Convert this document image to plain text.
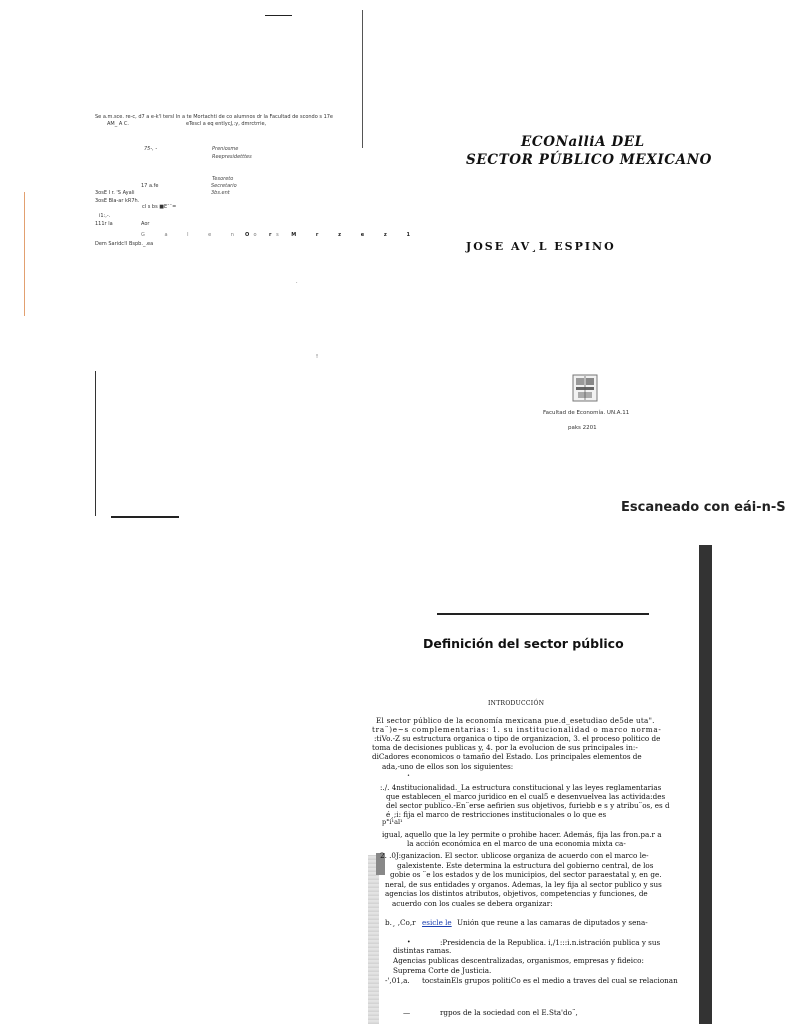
Se a.m.sce. re-c, d7 a e-k'l tersl In a te Mortachti de co alumnos dr la Facultad de scondo s 17e
AM_ A C.	eTescl a eq entlycJ,:y, dmrctrrie,
75-, -	Preniosme
Reepresidetttes
Tesoreto
17 a.fe	Secretario
3bs.ent
3osE I r. 'S Ayali
3osE Bla-ar kR7h.
cl s bs ■E¯¯=
i1:,-.
111r la	Aor
G a l e n o s
O r M r z e z 1
Dem Saridc!l Bspb._.ea
.
!
ECONalliA DEL
SECTOR PÚBLICO MEXICANO
JOSE AV¸L ESPINO
Facultad de Economía. UN.A.11
paks 2201
Escaneado con eái-n-S
Definición del sector público
INTRODUCCIÓN
El sector público de la economía mexicana pue.d_esetudiao de5de uta".
tra¨)e~s complementarias: 1. su institucionalidad o marco norma-
:tiVo.-Z su estructura organica o tipo de organizacion, 3. el proceso politico de
toma de decisiones publicas y, 4. por la evolucion de sus principales in:-
diCadores economicos o tamaño del Estado. Los principales elementos de
ada,-uno de ellos son los siguientes:
•
:./. 4nstitucionalidad._La estructura constitucional y las leyes reglamentarias
que establecen_el marco juridico en el cual5 e desenvuelvea las activida:des
del sector publico.-En¨erse aefirien sus objetivos, furiebb e s y atribu¨os, es d
é¸;i: fija el marco de restricciones institucionales o lo que es
p°i¹al¹
igual, aquello que la ley permite o prohibe hacer. Además, fija las fron.pa.r a
la acción económica en el marco de una economia mixta ca-
2. .0J:ganizacion. El sector. ublicose organiza de acuerdo con el marco le-
galexistente. Este determina la estructura del gobierno central, de los
gobie os ¨e los estados y de los municipios, del sector paraestatal y, en ge.
neral, de sus entidades y organos. Ademas, la ley fija al sector publico y sus
agencias los distintos atributos, objetivos, competencias y funciones, de
acuerdo con los cuales se debera organizar:
b.¸ ,Co,r esicle le Unión que reune a las camaras de diputados y sena-
•	:Presidencia de la Republica. i,/1:::i.n.istración publica y sus
distintas ramas.
Agencias publicas descentralizadas, organismos, empresas y fideico:
Suprema Corte de Justicia.
-',01,a. tocstainEls grupos politiCo es el medio a traves del cual se relacionan
rgpos de la sociedad con el E.Sta'do¨,
—
